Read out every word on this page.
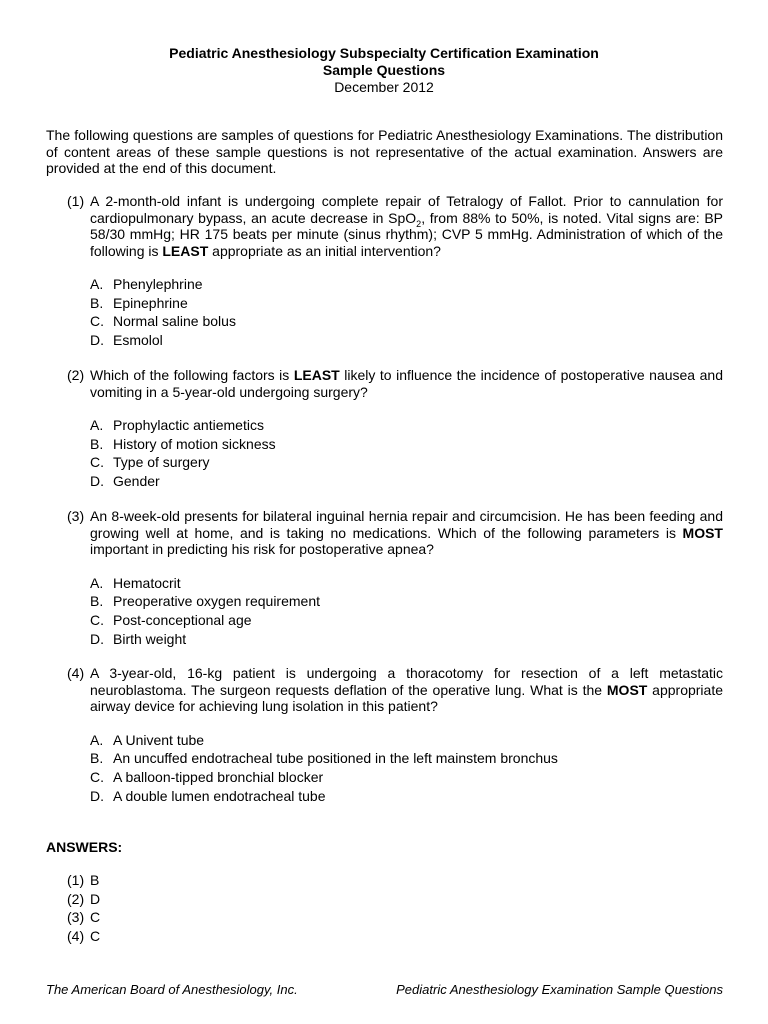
Pediatric Anesthesiology Subspecialty Certification Examination
Sample Questions
December 2012
The following questions are samples of questions for Pediatric Anesthesiology Examinations. The distribution of content areas of these sample questions is not representative of the actual examination. Answers are provided at the end of this document.
(1) A 2-month-old infant is undergoing complete repair of Tetralogy of Fallot. Prior to cannulation for cardiopulmonary bypass, an acute decrease in SpO$_2$, from 88% to 50%, is noted. Vital signs are: BP 58/30 mmHg; HR 175 beats per minute (sinus rhythm); CVP 5 mmHg. Administration of which of the following is LEAST appropriate as an initial intervention?
A. Phenylephrine
B. Epinephrine
C. Normal saline bolus
D. Esmolol
(2) Which of the following factors is LEAST likely to influence the incidence of postoperative nausea and vomiting in a 5-year-old undergoing surgery?
A. Prophylactic antiemetics
B. History of motion sickness
C. Type of surgery
D. Gender
(3) An 8-week-old presents for bilateral inguinal hernia repair and circumcision. He has been feeding and growing well at home, and is taking no medications. Which of the following parameters is MOST important in predicting his risk for postoperative apnea?
A. Hematocrit
B. Preoperative oxygen requirement
C. Post-conceptional age
D. Birth weight
(4) A 3-year-old, 16-kg patient is undergoing a thoracotomy for resection of a left metastatic neuroblastoma. The surgeon requests deflation of the operative lung. What is the MOST appropriate airway device for achieving lung isolation in this patient?
A. A Univent tube
B. An uncuffed endotracheal tube positioned in the left mainstem bronchus
C. A balloon-tipped bronchial blocker
D. A double lumen endotracheal tube
ANSWERS:
(1) B
(2) D
(3) C
(4) C
The American Board of Anesthesiology, Inc.	Pediatric Anesthesiology Examination Sample Questions
